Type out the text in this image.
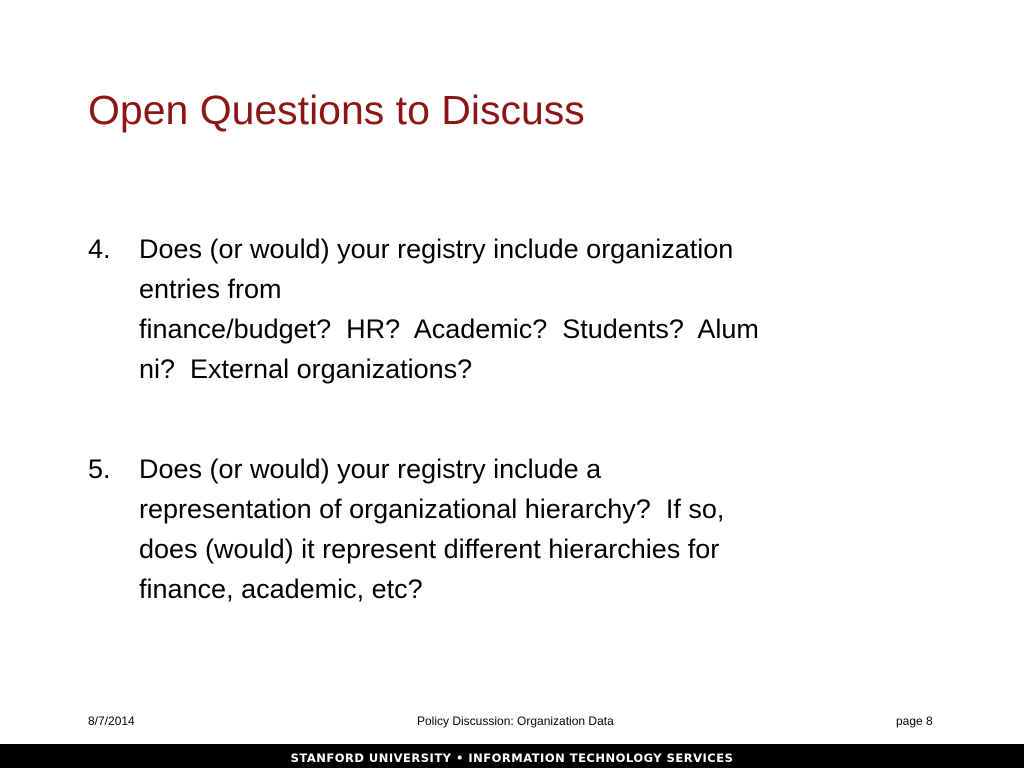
Open Questions to Discuss
4.	Does (or would) your registry include organization
entries from
finance/budget?  HR?  Academic?  Students?  Alum
ni?  External organizations?
5.	Does (or would) your registry include a
representation of organizational hierarchy?  If so,
does (would) it represent different hierarchies for
finance, academic, etc?
8/7/2014	Policy Discussion: Organization Data	page 8
STANFORD UNIVERSITY • INFORMATION TECHNOLOGY SERVICES
